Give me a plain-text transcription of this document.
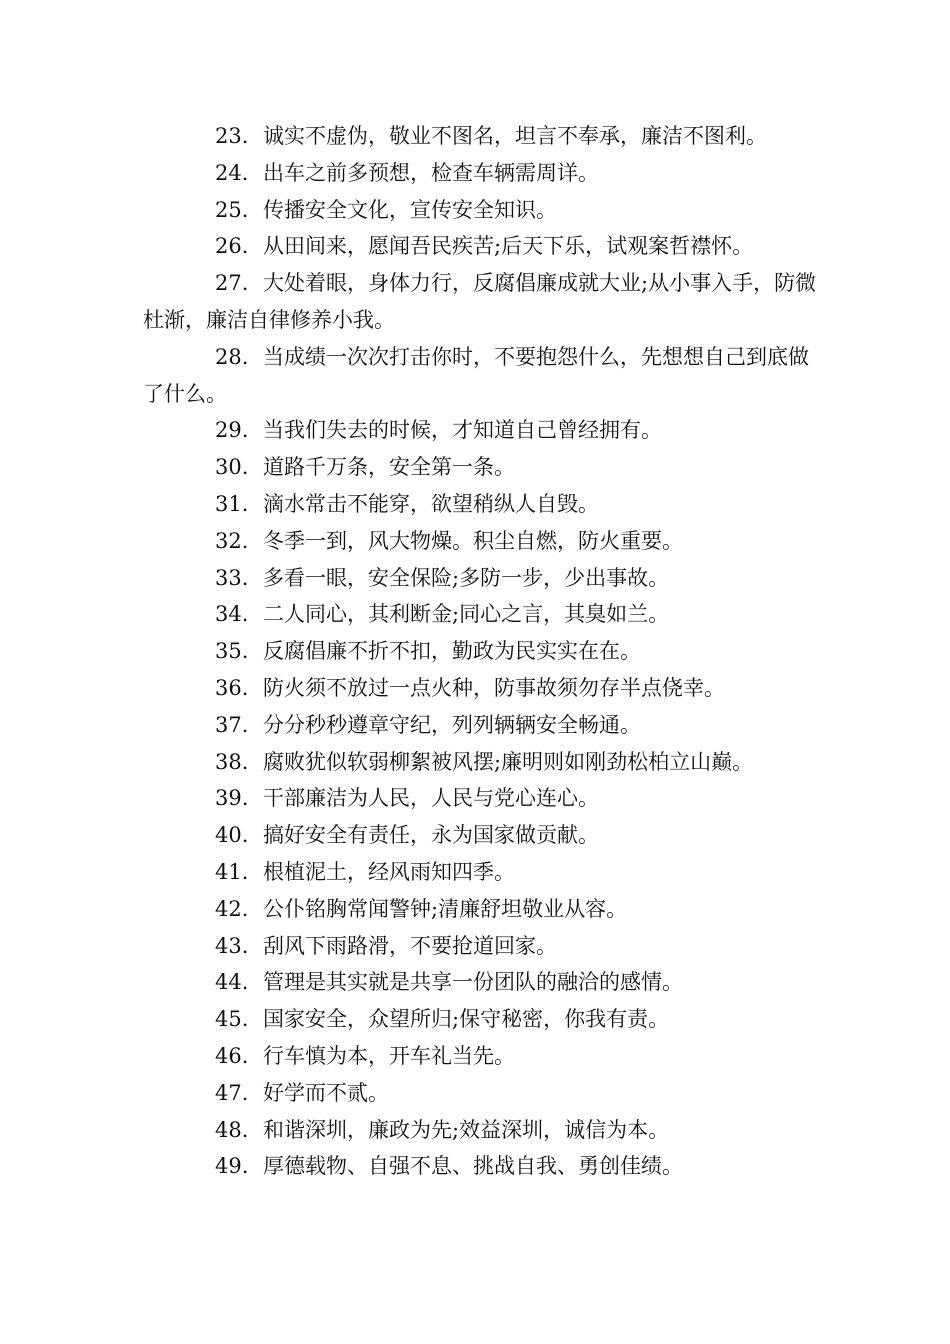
23. 诚实不虚伪，敬业不图名，坦言不奉承，廉洁不图利。

24. 出车之前多预想，检查车辆需周详。

25. 传播安全文化，宣传安全知识。

26. 从田间来，愿闻吾民疾苦;后天下乐，试观案哲襟怀。

27. 大处着眼，身体力行，反腐倡廉成就大业;从小事入手，防微杜渐，廉洁自律修养小我。

28. 当成绩一次次打击你时，不要抱怨什么，先想想自己到底做了什么。

29. 当我们失去的时候，才知道自己曾经拥有。

30. 道路千万条，安全第一条。

31. 滴水常击不能穿，欲望稍纵人自毁。

32. 冬季一到，风大物燥。积尘自燃，防火重要。

33. 多看一眼，安全保险;多防一步，少出事故。

34. 二人同心，其利断金;同心之言，其臭如兰。

35. 反腐倡廉不折不扣，勤政为民实实在在。

36. 防火须不放过一点火种，防事故须勿存半点侥幸。

37. 分分秒秒遵章守纪，列列辆辆安全畅通。

38. 腐败犹似软弱柳絮被风摆;廉明则如刚劲松柏立山巅。

39. 干部廉洁为人民，人民与党心连心。

40. 搞好安全有责任，永为国家做贡献。

41. 根植泥土，经风雨知四季。

42. 公仆铭胸常闻警钟;清廉舒坦敬业从容。

43. 刮风下雨路滑，不要抢道回家。

44. 管理是其实就是共享一份团队的融洽的感情。

45. 国家安全，众望所归;保守秘密，你我有责。

46. 行车慎为本，开车礼当先。

47. 好学而不贰。

48. 和谐深圳，廉政为先;效益深圳，诚信为本。

49. 厚德载物、自强不息、挑战自我、勇创佳绩。
